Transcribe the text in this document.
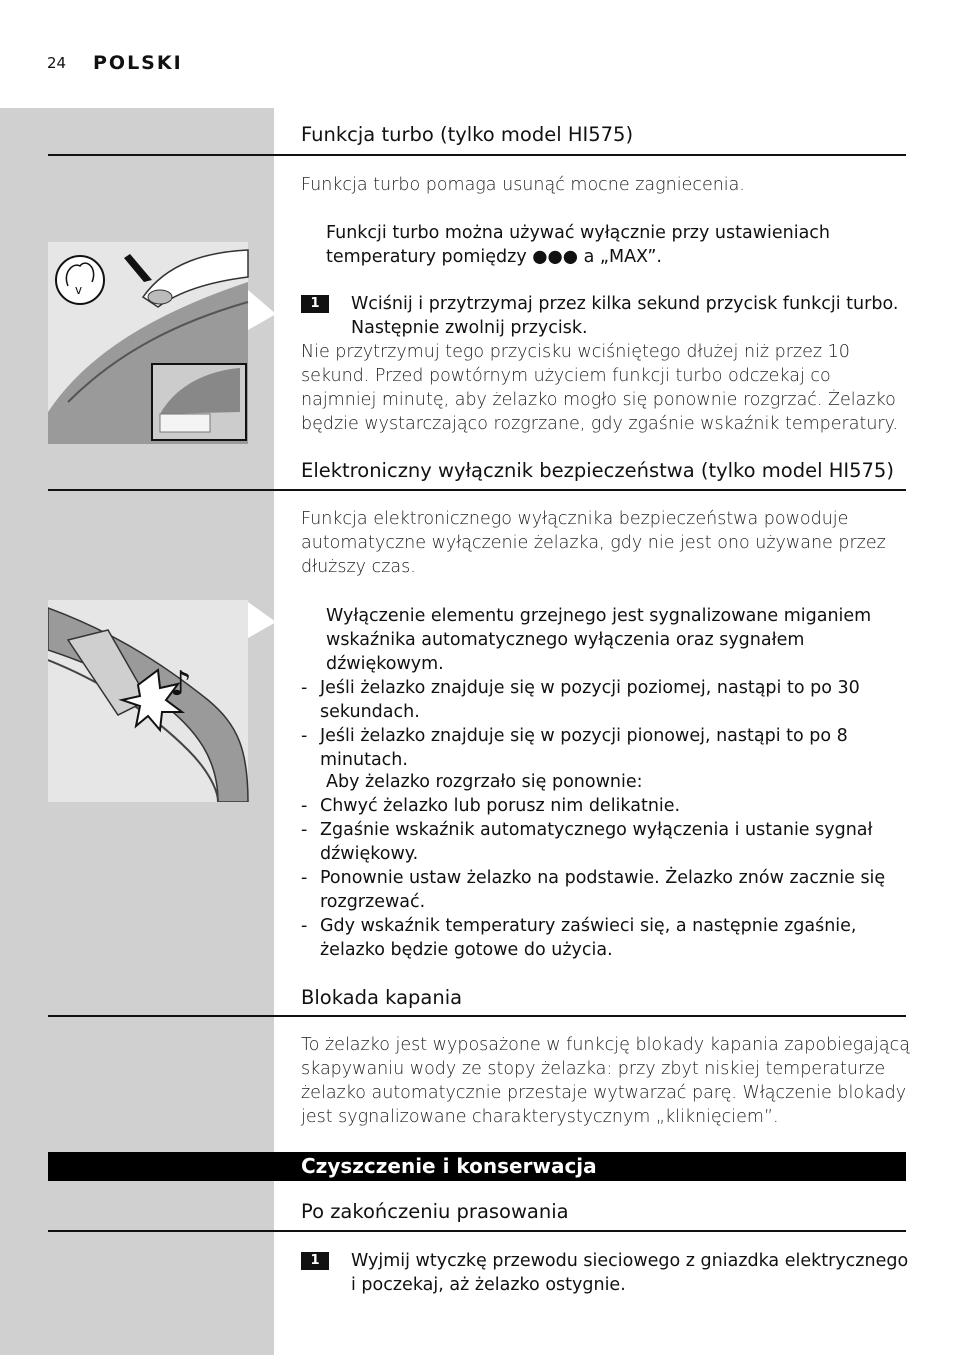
24 POLSKI
Funkcja turbo (tylko model HI575)
Funkcja turbo pomaga usunąć mocne zagniecenia.
Funkcji turbo można używać wyłącznie przy ustawieniach temperatury pomiędzy ●●● a „MAX”.
1	Wciśnij i przytrzymaj przez kilka sekund przycisk funkcji turbo. Następnie zwolnij przycisk.
Nie przytrzymuj tego przycisku wciśniętego dłużej niż przez 10 sekund. Przed powtórnym użyciem funkcji turbo odczekaj co najmniej minutę, aby żelazko mogło się ponownie rozgrzać. Żelazko będzie wystarczająco rozgrzane, gdy zgaśnie wskaźnik temperatury.
v
Elektroniczny wyłącznik bezpieczeństwa (tylko model HI575)
Funkcja elektronicznego wyłącznika bezpieczeństwa powoduje automatyczne wyłączenie żelazka, gdy nie jest ono używane przez dłuższy czas.
Wyłączenie elementu grzejnego jest sygnalizowane miganiem wskaźnika automatycznego wyłączenia oraz sygnałem dźwiękowym.
- Jeśli żelazko znajduje się w pozycji poziomej, nastąpi to po 30 sekundach.
- Jeśli żelazko znajduje się w pozycji pionowej, nastąpi to po 8 minutach.
Aby żelazko rozgrzało się ponownie:
- Chwyć żelazko lub porusz nim delikatnie.
- Zgaśnie wskaźnik automatycznego wyłączenia i ustanie sygnał dźwiękowy.
- Ponownie ustaw żelazko na podstawie. Żelazko znów zacznie się rozgrzewać.
- Gdy wskaźnik temperatury zaświeci się, a następnie zgaśnie, żelazko będzie gotowe do użycia.
♪
Blokada kapania
To żelazko jest wyposażone w funkcję blokady kapania zapobiegającą skapywaniu wody ze stopy żelazka: przy zbyt niskiej temperaturze żelazko automatycznie przestaje wytwarzać parę. Włączenie blokady jest sygnalizowane charakterystycznym „kliknięciem”.
Czyszczenie i konserwacja
Po zakończeniu prasowania
1	Wyjmij wtyczkę przewodu sieciowego z gniazdka elektrycznego i poczekaj, aż żelazko ostygnie.
